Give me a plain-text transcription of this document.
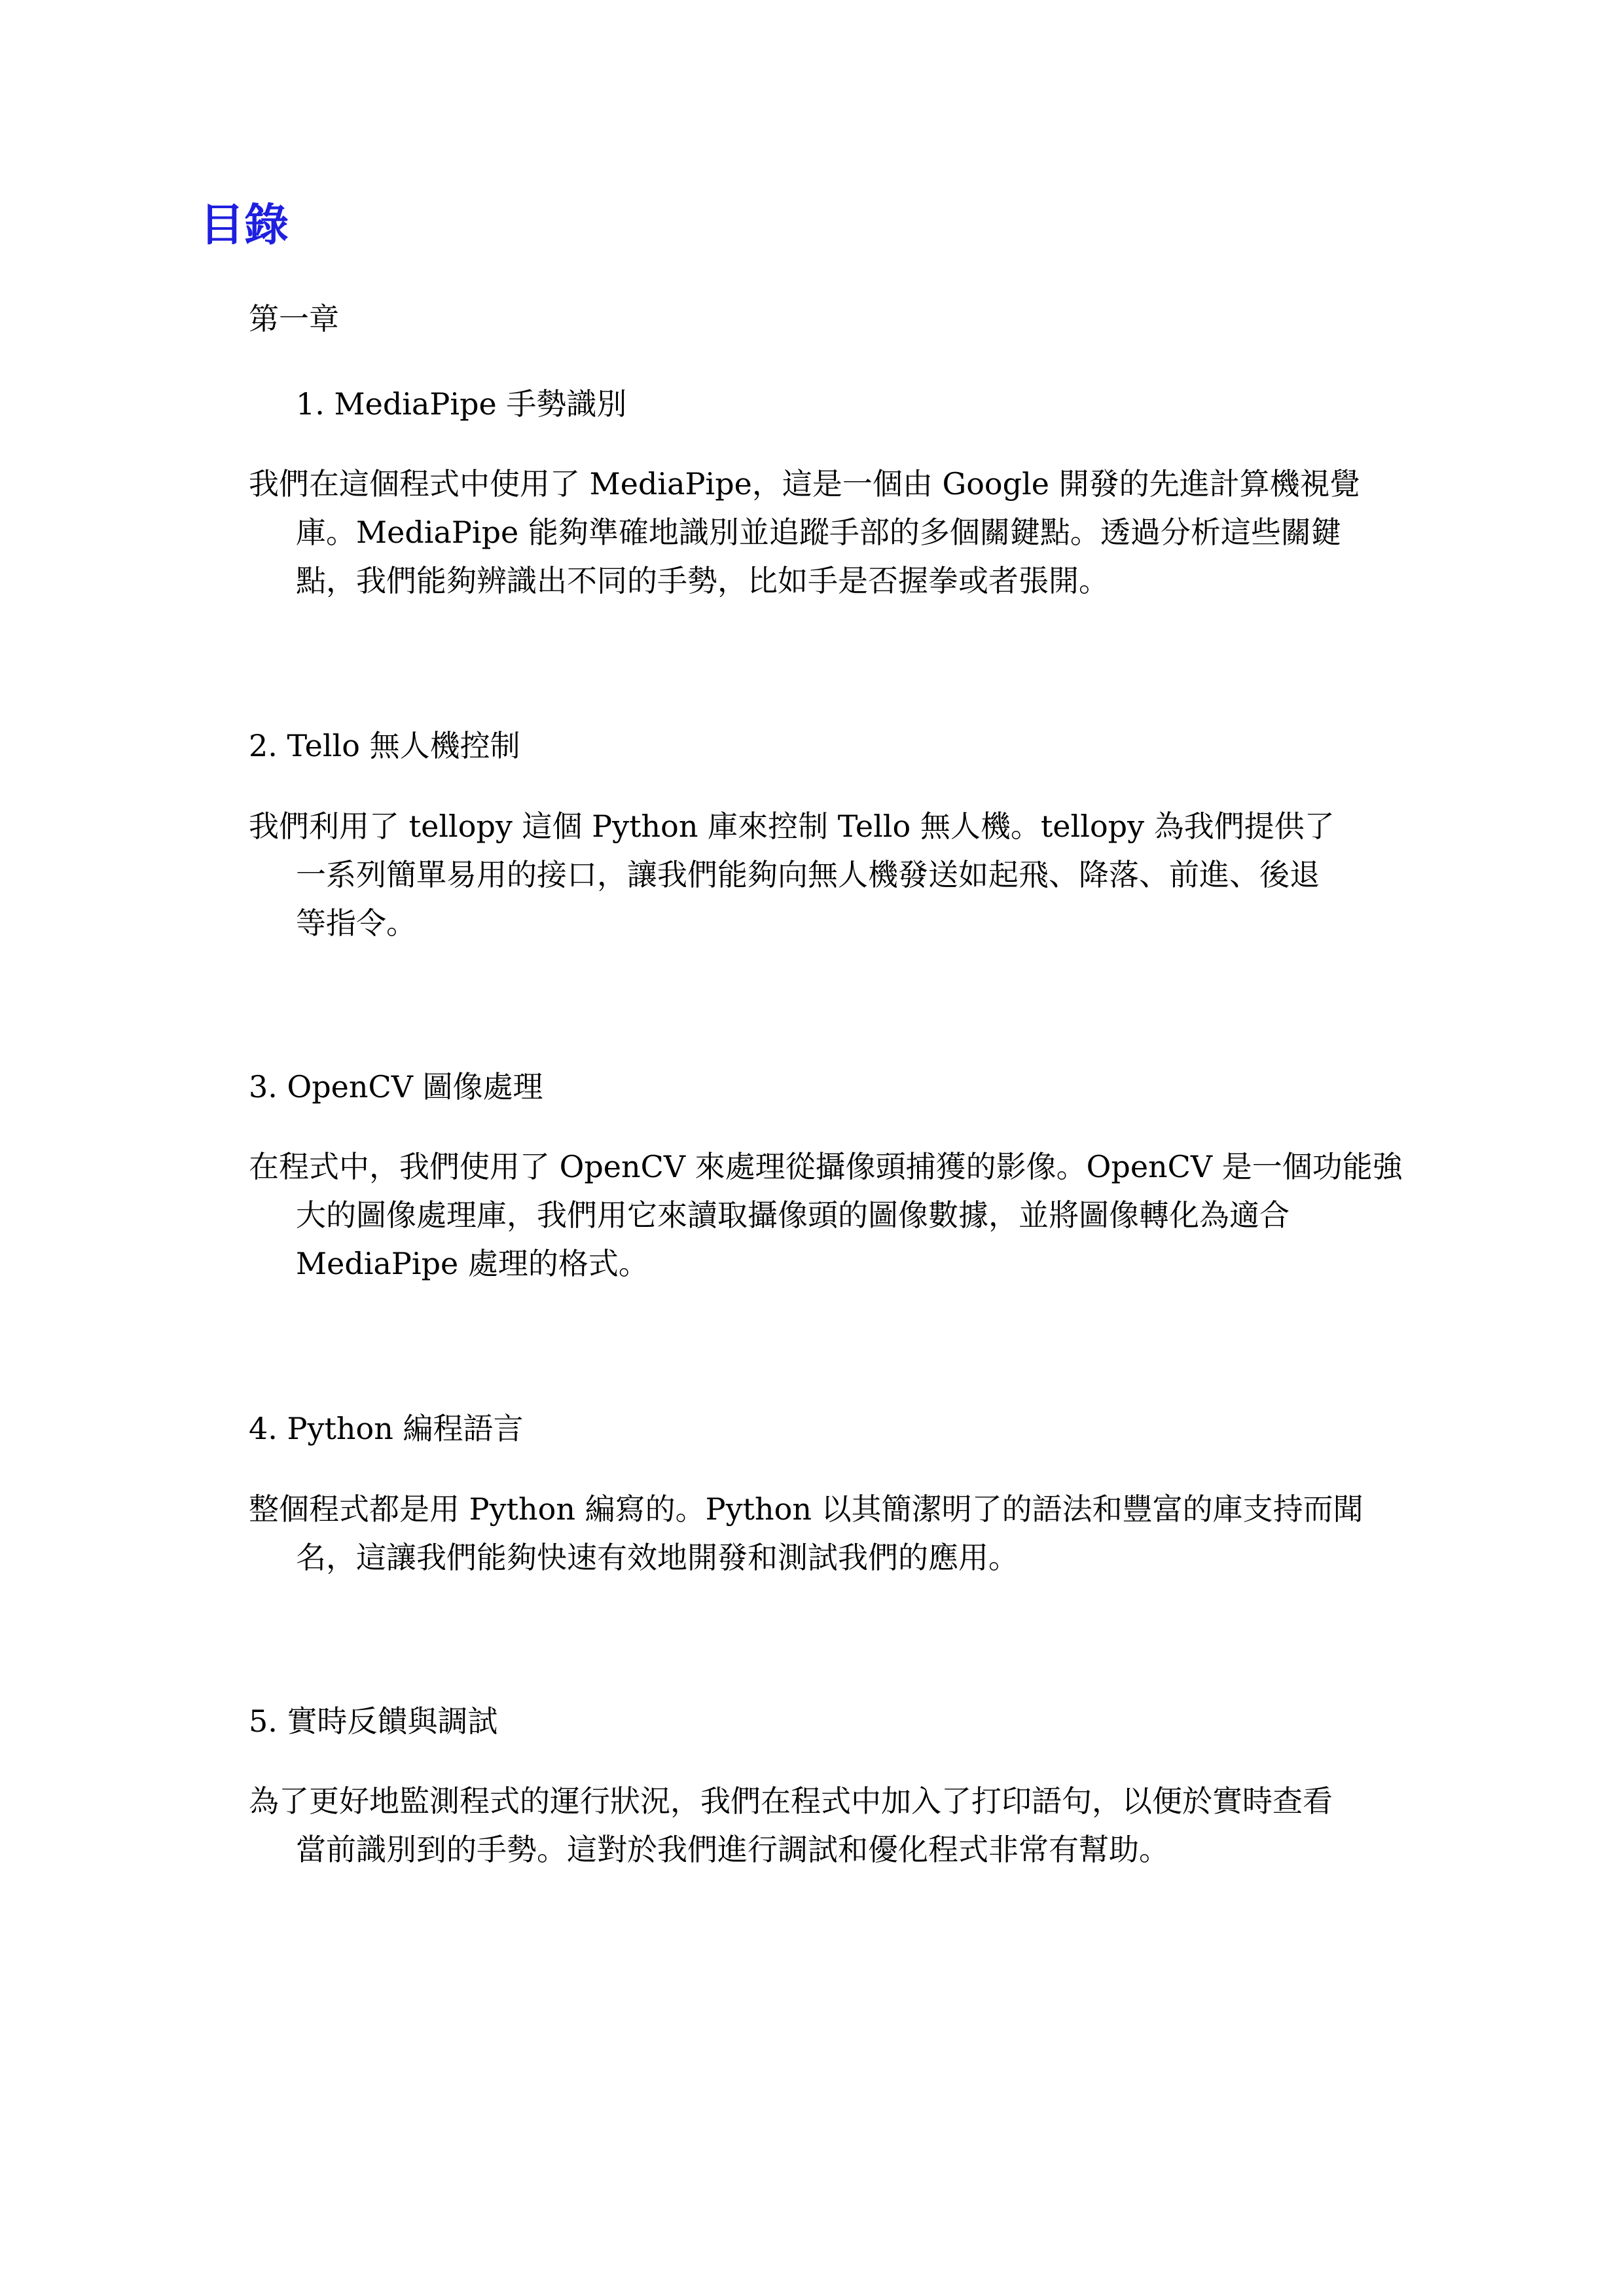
目錄

第一章

1. MediaPipe 手勢識別

我們在這個程式中使用了 MediaPipe，這是一個由 Google 開發的先進計算機視覺
庫。MediaPipe 能夠準確地識別並追蹤手部的多個關鍵點。透過分析這些關鍵
點，我們能夠辨識出不同的手勢，比如手是否握拳或者張開。

2. Tello 無人機控制

我們利用了 tellopy 這個 Python 庫來控制 Tello 無人機。tellopy 為我們提供了
一系列簡單易用的接口，讓我們能夠向無人機發送如起飛、降落、前進、後退
等指令。

3. OpenCV 圖像處理

在程式中，我們使用了 OpenCV 來處理從攝像頭捕獲的影像。OpenCV 是一個功能強
大的圖像處理庫，我們用它來讀取攝像頭的圖像數據，並將圖像轉化為適合
MediaPipe 處理的格式。

4. Python 編程語言

整個程式都是用 Python 編寫的。Python 以其簡潔明了的語法和豐富的庫支持而聞
名，這讓我們能夠快速有效地開發和測試我們的應用。

5. 實時反饋與調試

為了更好地監測程式的運行狀況，我們在程式中加入了打印語句，以便於實時查看
當前識別到的手勢。這對於我們進行調試和優化程式非常有幫助。
